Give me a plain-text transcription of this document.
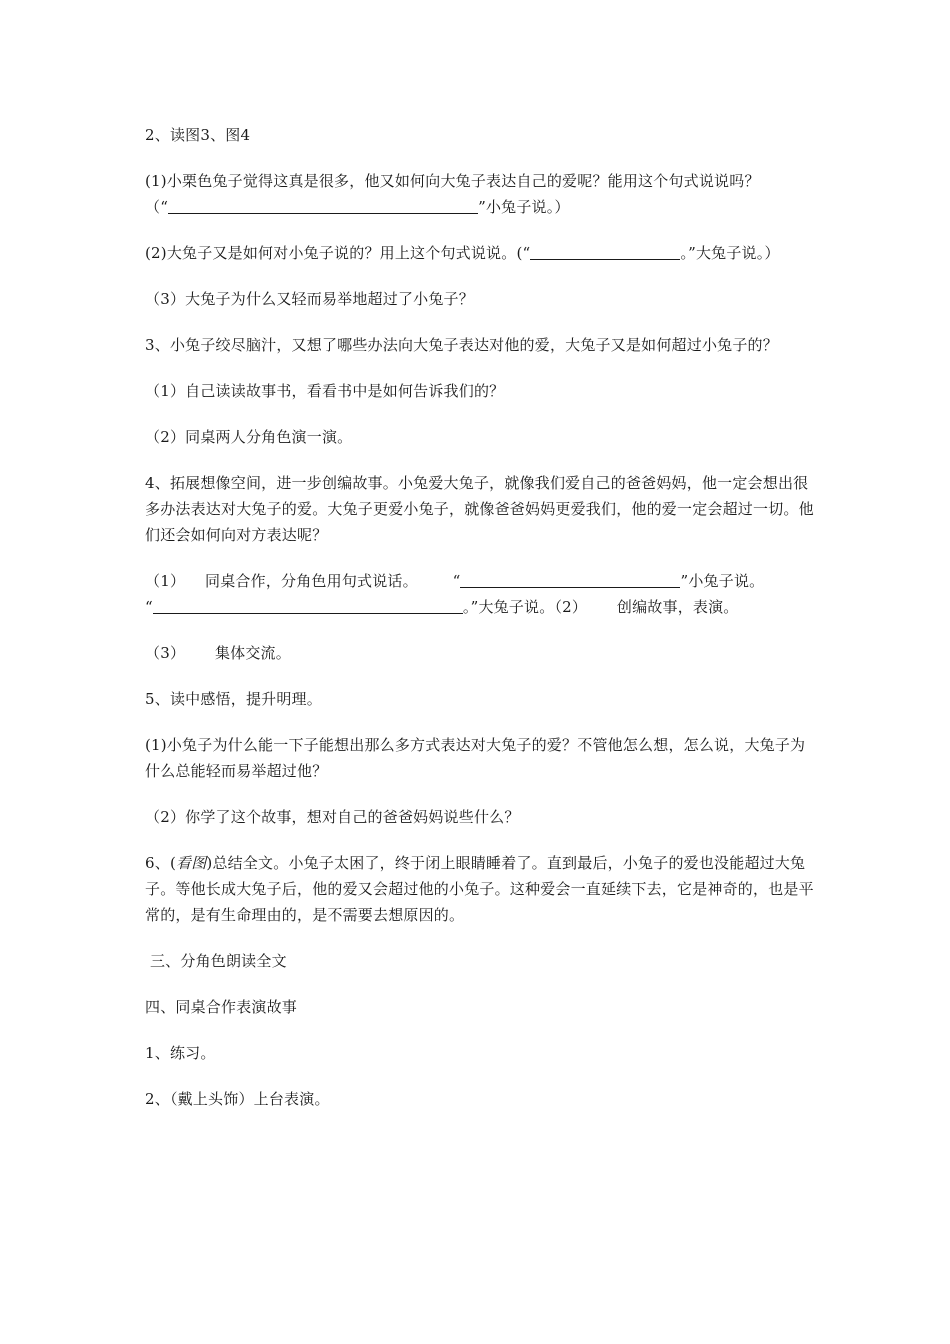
2、读图3、图4

(1)小栗色兔子觉得这真是很多，他又如何向大兔子表达自己的爱呢？能用这个句式说说吗？
（“	”小兔子说。）

(2)大兔子又是如何对小兔子说的？用上这个句式说说。(“	。”大兔子说。）

（3）大兔子为什么又轻而易举地超过了小兔子？

3、小兔子绞尽脑汁，又想了哪些办法向大兔子表达对他的爱，大兔子又是如何超过小兔子的？

（1）自己读读故事书，看看书中是如何告诉我们的？

（2）同桌两人分角色演一演。

4、拓展想像空间，进一步创编故事。小兔爱大兔子，就像我们爱自己的爸爸妈妈，他一定会想出很多办法表达对大兔子的爱。大兔子更爱小兔子，就像爸爸妈妈更爱我们，他的爱一定会超过一切。他们还会如何向对方表达呢？

（1）    同桌合作，分角色用句式说话。       “	”小兔子说。
“	。”大兔子说。（2）      创编故事，表演。

（3）      集体交流。

5、读中感悟，提升明理。

(1)小兔子为什么能一下子能想出那么多方式表达对大兔子的爱？不管他怎么想，怎么说，大兔子为什么总能轻而易举超过他？

（2）你学了这个故事，想对自己的爸爸妈妈说些什么？

6、(看图)总结全文。小兔子太困了，终于闭上眼睛睡着了。直到最后，小兔子的爱也没能超过大兔子。等他长成大兔子后，他的爱又会超过他的小兔子。这种爱会一直延续下去，它是神奇的，也是平常的，是有生命理由的，是不需要去想原因的。

三、分角色朗读全文

四、同桌合作表演故事

1、练习。

2、（戴上头饰）上台表演。
